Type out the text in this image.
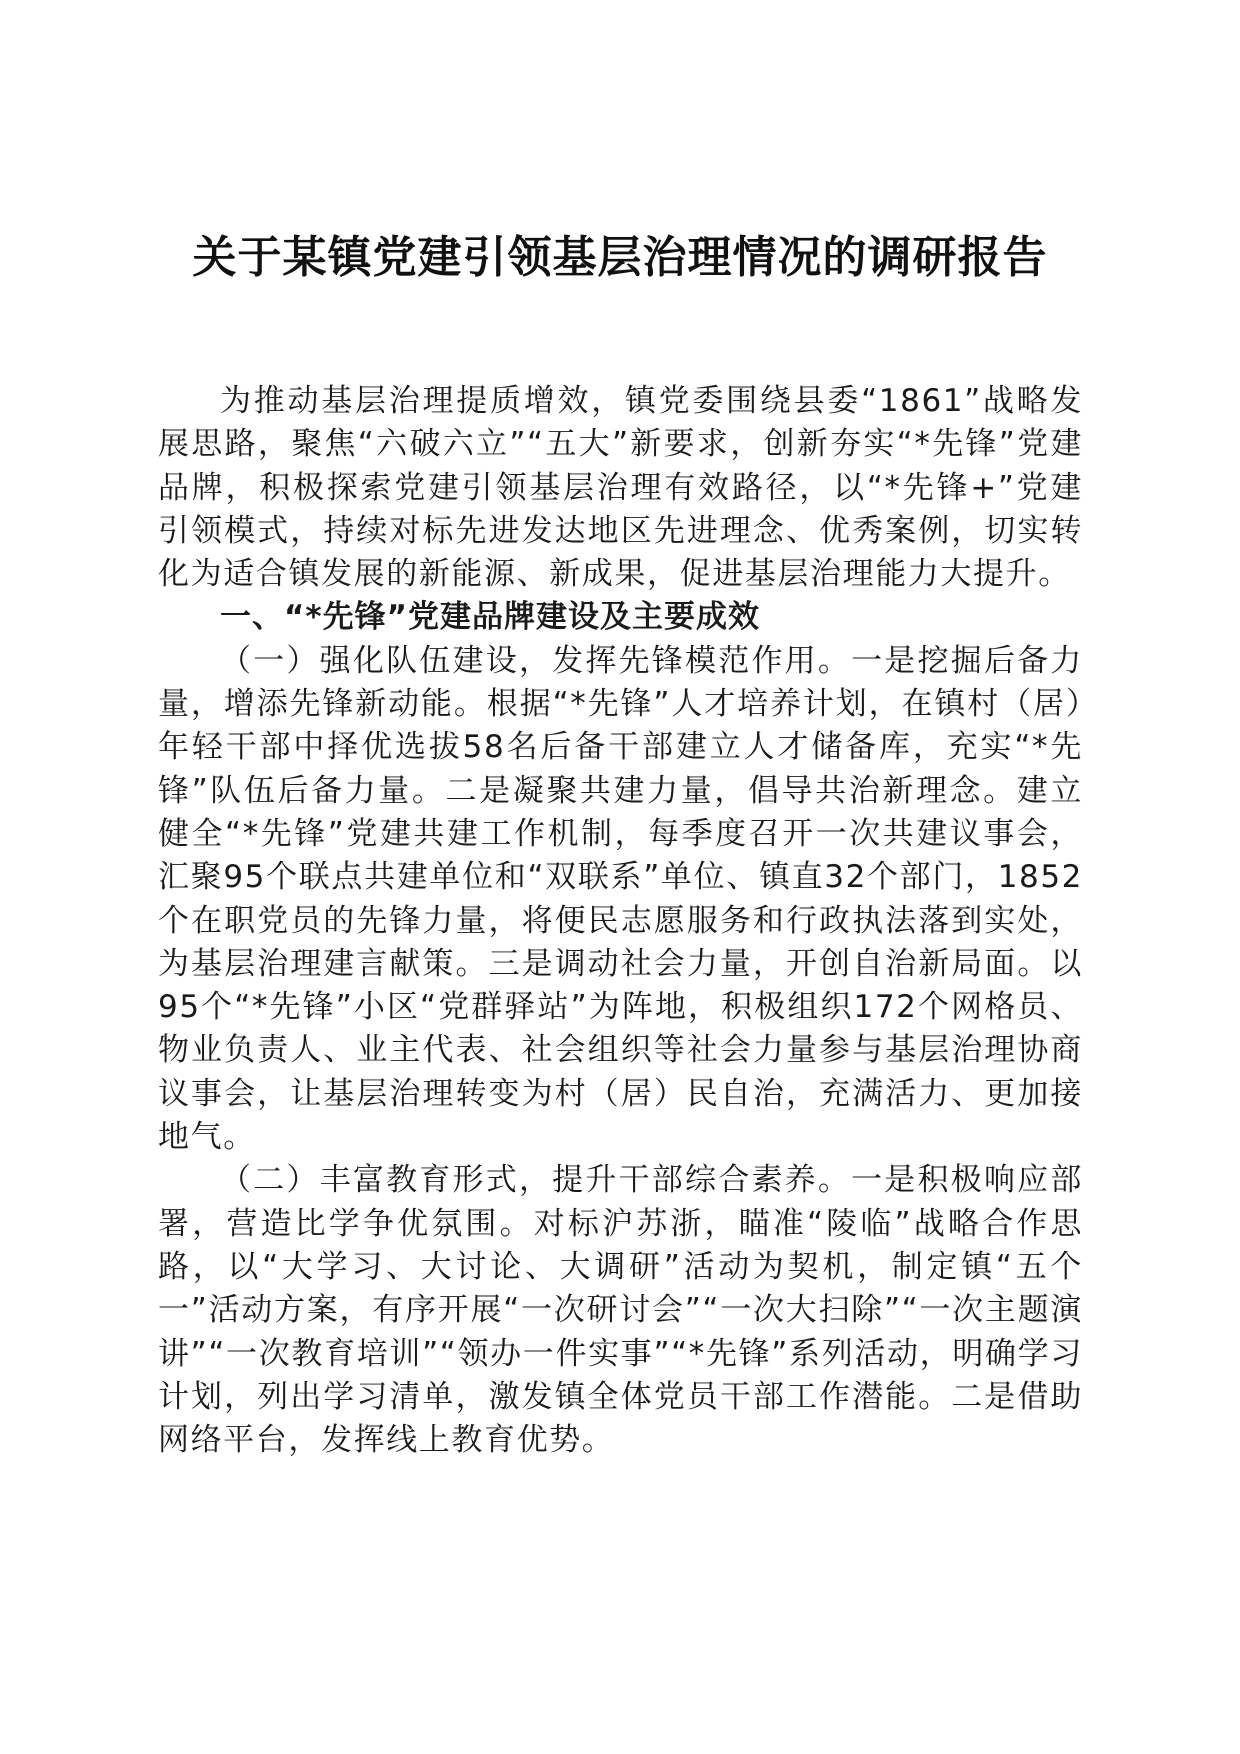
关于某镇党建引领基层治理情况的调研报告

为推动基层治理提质增效，镇党委围绕县委“1861”战略发展思路，聚焦“六破六立”“五大”新要求，创新夯实“*先锋”党建品牌，积极探索党建引领基层治理有效路径，以“*先锋+”党建引领模式，持续对标先进发达地区先进理念、优秀案例，切实转化为适合镇发展的新能源、新成果，促进基层治理能力大提升。

一、“*先锋”党建品牌建设及主要成效

（一）强化队伍建设，发挥先锋模范作用。一是挖掘后备力量，增添先锋新动能。根据“*先锋”人才培养计划，在镇村（居）年轻干部中择优选拔58名后备干部建立人才储备库，充实“*先锋”队伍后备力量。二是凝聚共建力量，倡导共治新理念。建立健全“*先锋”党建共建工作机制，每季度召开一次共建议事会，汇聚95个联点共建单位和“双联系”单位、镇直32个部门，1852个在职党员的先锋力量，将便民志愿服务和行政执法落到实处，为基层治理建言献策。三是调动社会力量，开创自治新局面。以95个“*先锋”小区“党群驿站”为阵地，积极组织172个网格员、物业负责人、业主代表、社会组织等社会力量参与基层治理协商议事会，让基层治理转变为村（居）民自治，充满活力、更加接地气。

（二）丰富教育形式，提升干部综合素养。一是积极响应部署，营造比学争优氛围。对标沪苏浙，瞄准“陵临”战略合作思路，以“大学习、大讨论、大调研”活动为契机，制定镇“五个一”活动方案，有序开展“一次研讨会”“一次大扫除”“一次主题演讲”“一次教育培训”“领办一件实事”“*先锋”系列活动，明确学习计划，列出学习清单，激发镇全体党员干部工作潜能。二是借助网络平台，发挥线上教育优势。
